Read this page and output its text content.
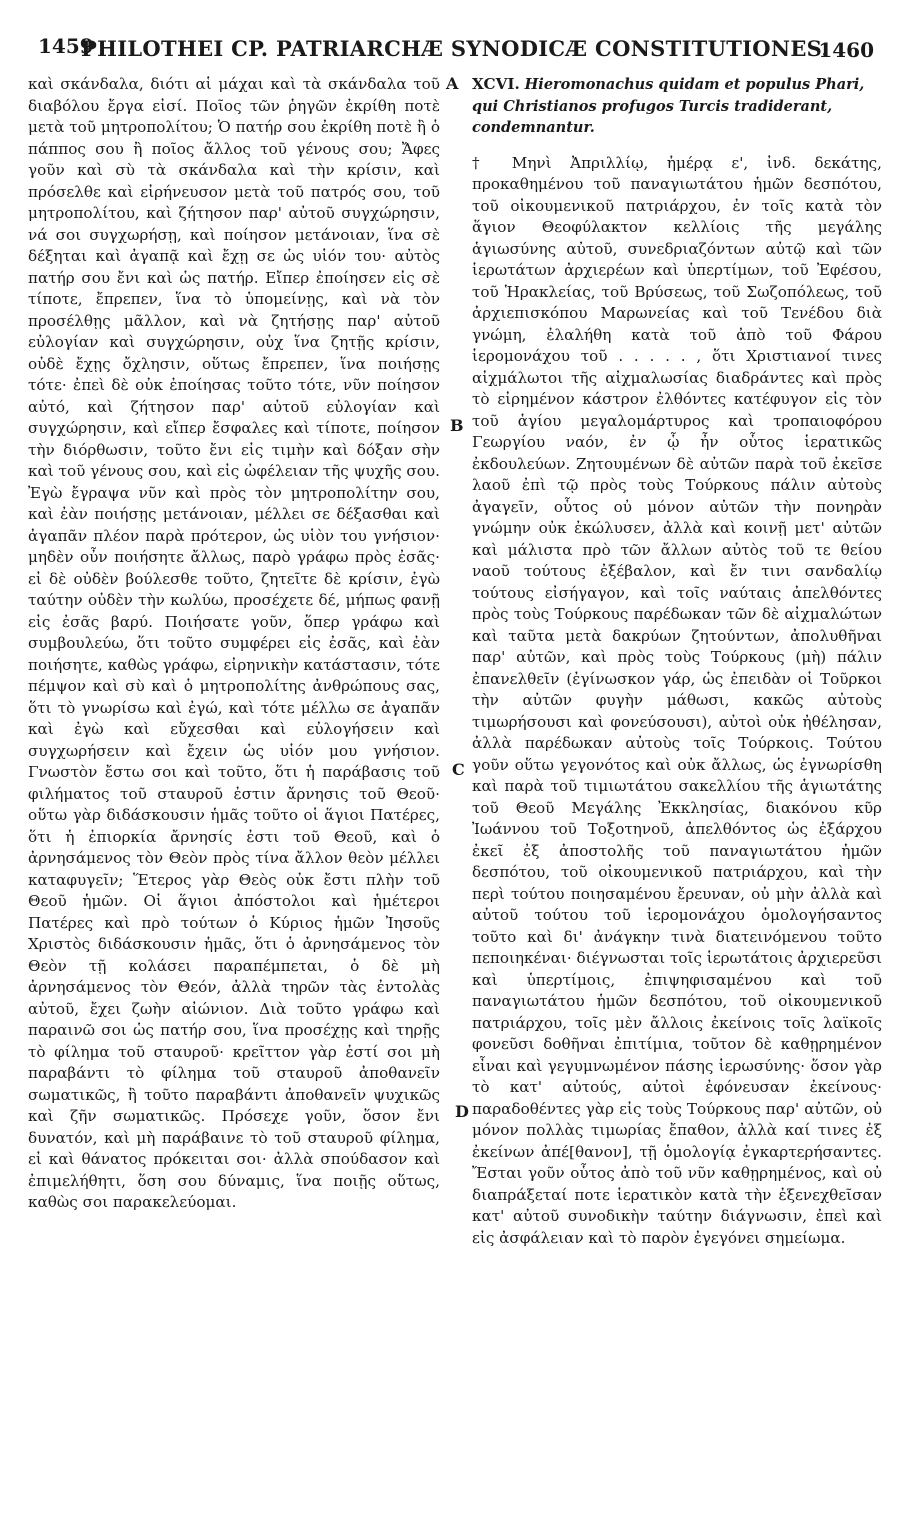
1459
PHILOTHEI CP. PATRIARCHÆ SYNODICÆ CONSTITUTIONES.
1460

καὶ σκάνδαλα, διότι αἱ μάχαι καὶ τὰ σκάνδαλα τοῦ διαβόλου ἔργα εἰσί. Ποῖος τῶν ῥηγῶν ἐκρίθη ποτὲ μετὰ τοῦ μητροπολίτου; Ὁ πατήρ σου ἐκρίθη ποτὲ ἢ ὁ πάππος σου ἢ ποῖος ἄλλος τοῦ γένους σου; Ἄφες γοῦν καὶ σὺ τὰ σκάνδαλα καὶ τὴν κρίσιν, καὶ πρόσελθε καὶ εἰρήνευσον μετὰ τοῦ πατρός σου, τοῦ μητροπολίτου, καὶ ζήτησον παρ' αὐτοῦ συγχώρησιν, νά σοι συγχωρήσῃ, καὶ ποίησον μετάνοιαν, ἵνα σὲ δέξηται καὶ ἀγαπᾷ καὶ ἔχῃ σε ὡς υἱόν του· αὐτὸς πατήρ σου ἔνι καὶ ὡς πατήρ. Εἴπερ ἐποίησεν εἰς σὲ τίποτε, ἔπρεπεν, ἵνα τὸ ὑπομείνῃς, καὶ νὰ τὸν προσέλθῃς μᾶλλον, καὶ νὰ ζητήσῃς παρ' αὐτοῦ εὐλογίαν καὶ συγχώρησιν, οὐχ ἵνα ζητῇς κρίσιν, οὐδὲ ἔχῃς ὄχλησιν, οὕτως ἔπρεπεν, ἵνα ποιήσῃς τότε· ἐπεὶ δὲ οὐκ ἐποίησας τοῦτο τότε, νῦν ποίησον αὐτό, καὶ ζήτησον παρ' αὐτοῦ εὐλογίαν καὶ συγχώρησιν, καὶ εἴπερ ἔσφαλες καὶ τίποτε, ποίησον τὴν διόρθωσιν, τοῦτο ἔνι εἰς τιμὴν καὶ δόξαν σὴν καὶ τοῦ γένους σου, καὶ εἰς ὠφέλειαν τῆς ψυχῆς σου. Ἐγὼ ἔγραψα νῦν καὶ πρὸς τὸν μητροπολίτην σου, καὶ ἐὰν ποιήσῃς μετάνοιαν, μέλλει σε δέξασθαι καὶ ἀγαπᾶν πλέον παρὰ πρότερον, ὡς υἱὸν του γνήσιον· μηδὲν οὖν ποιήσητε ἄλλως, παρὸ γράφω πρὸς ἐσᾶς· εἰ δὲ οὐδὲν βούλεσθε τοῦτο, ζητεῖτε δὲ κρίσιν, ἐγὼ ταύτην οὐδὲν τὴν κωλύω, προσέχετε δέ, μήπως φανῇ εἰς ἐσᾶς βαρύ. Ποιήσατε γοῦν, ὅπερ γράφω καὶ συμβουλεύω, ὅτι τοῦτο συμφέρει εἰς ἐσᾶς, καὶ ἐὰν ποιήσητε, καθὼς γράφω, εἰρηνικὴν κατάστασιν, τότε πέμψον καὶ σὺ καὶ ὁ μητροπολίτης ἀνθρώπους σας, ὅτι τὸ γνωρίσω καὶ ἐγώ, καὶ τότε μέλλω σε ἀγαπᾶν καὶ ἐγὼ καὶ εὔχεσθαι καὶ εὐλογήσειν καὶ συγχωρήσειν καὶ ἔχειν ὡς υἱόν μου γνήσιον. Γνωστὸν ἔστω σοι καὶ τοῦτο, ὅτι ἡ παράβασις τοῦ φιλήματος τοῦ σταυροῦ ἐστιν ἄρνησις τοῦ Θεοῦ· οὕτω γὰρ διδάσκουσιν ἡμᾶς τοῦτο οἱ ἅγιοι Πατέρες, ὅτι ἡ ἐπιορκία ἄρνησίς ἐστι τοῦ Θεοῦ, καὶ ὁ ἀρνησάμενος τὸν Θεὸν πρὸς τίνα ἄλλον θεὸν μέλλει καταφυγεῖν; Ἕτερος γὰρ Θεὸς οὐκ ἔστι πλὴν τοῦ Θεοῦ ἡμῶν. Οἱ ἅγιοι ἀπόστολοι καὶ ἡμέτεροι Πατέρες καὶ πρὸ τούτων ὁ Κύριος ἡμῶν Ἰησοῦς Χριστὸς διδάσκουσιν ἡμᾶς, ὅτι ὁ ἀρνησάμενος τὸν Θεὸν τῇ κολάσει παραπέμπεται, ὁ δὲ μὴ ἀρνησάμενος τὸν Θεόν, ἀλλὰ τηρῶν τὰς ἐντολὰς αὐτοῦ, ἔχει ζωὴν αἰώνιον. Διὰ τοῦτο γράφω καὶ παραινῶ σοι ὡς πατήρ σου, ἵνα προσέχῃς καὶ τηρῇς τὸ φίλημα τοῦ σταυροῦ· κρεῖττον γὰρ ἐστί σοι μὴ παραβάντι τὸ φίλημα τοῦ σταυροῦ ἀποθανεῖν σωματικῶς, ἢ τοῦτο παραβάντι ἀποθανεῖν ψυχικῶς καὶ ζῆν σωματικῶς. Πρόσεχε γοῦν, ὅσον ἔνι δυνατόν, καὶ μὴ παράβαινε τὸ τοῦ σταυροῦ φίλημα, εἰ καὶ θάνατος πρόκειται σοι· ἀλλὰ σπούδασον καὶ ἐπιμελήθητι, ὅση σου δύναμις, ἵνα ποιῇς οὕτως, καθὼς σοι παρακελεύομαι.

A
B
C
D
XCVI. Hieromonachus quidam et populus Phari, qui Christianos profugos Turcis tradiderant, condemnantur.

† Μηνὶ Ἀπριλλίῳ, ἡμέρᾳ ε', ἰνδ. δεκάτης, προκαθημένου τοῦ παναγιωτάτου ἡμῶν δεσπότου, τοῦ οἰκουμενικοῦ πατριάρχου, ἐν τοῖς κατὰ τὸν ἅγιον Θεοφύλακτον κελλίοις τῆς μεγάλης ἁγιωσύνης αὐτοῦ, συνεδριαζόντων αὐτῷ καὶ τῶν ἱερωτάτων ἀρχιερέων καὶ ὑπερτίμων, τοῦ Ἐφέσου, τοῦ Ἡρακλείας, τοῦ Βρύσεως, τοῦ Σωζοπόλεως, τοῦ ἀρχιεπισκόπου Μαρωνείας καὶ τοῦ Τενέδου διὰ γνώμη, ἐλαλήθη κατὰ τοῦ ἀπὸ τοῦ Φάρου ἱερομονάχου τοῦ . . . . . , ὅτι Χριστιανοί τινες αἰχμάλωτοι τῆς αἰχμαλωσίας διαδράντες καὶ πρὸς τὸ εἰρημένον κάστρον ἐλθόντες κατέφυγον εἰς τὸν τοῦ ἁγίου μεγαλομάρτυρος καὶ τροπαιοφόρου Γεωργίου ναόν, ἐν ᾧ ἦν οὗτος ἱερατικῶς ἐκδουλεύων. Ζητουμένων δὲ αὐτῶν παρὰ τοῦ ἐκεῖσε λαοῦ ἐπὶ τῷ πρὸς τοὺς Τούρκους πάλιν αὐτοὺς ἀγαγεῖν, οὗτος οὐ μόνον αὐτῶν τὴν πονηρὰν γνώμην οὐκ ἐκώλυσεν, ἀλλὰ καὶ κοινῇ μετ' αὐτῶν καὶ μάλιστα πρὸ τῶν ἄλλων αὐτὸς τοῦ τε θείου ναοῦ τούτους ἐξέβαλον, καὶ ἔν τινι σανδαλίῳ τούτους εἰσήγαγον, καὶ τοῖς ναύταις ἀπελθόντες πρὸς τοὺς Τούρκους παρέδωκαν τῶν δὲ αἰχμαλώτων καὶ ταῦτα μετὰ δακρύων ζητούντων, ἀπολυθῆναι παρ' αὐτῶν, καὶ πρὸς τοὺς Τούρκους (μὴ) πάλιν ἐπανελθεῖν (ἐγίνωσκον γάρ, ὡς ἐπειδὰν οἱ Τοῦρκοι τὴν αὐτῶν φυγὴν μάθωσι, κακῶς αὐτοὺς τιμωρήσουσι καὶ φονεύσουσι), αὐτοὶ οὐκ ἠθέλησαν, ἀλλὰ παρέδωκαν αὐτοὺς τοῖς Τούρκοις. Τούτου γοῦν οὕτω γεγονότος καὶ οὐκ ἄλλως, ὡς ἐγνωρίσθη καὶ παρὰ τοῦ τιμιωτάτου σακελλίου τῆς ἁγιωτάτης τοῦ Θεοῦ Μεγάλης Ἐκκλησίας, διακόνου κῦρ Ἰωάννου τοῦ Τοξοτηνοῦ, ἀπελθόντος ὡς ἐξάρχου ἐκεῖ ἐξ ἀποστολῆς τοῦ παναγιωτάτου ἡμῶν δεσπότου, τοῦ οἰκουμενικοῦ πατριάρχου, καὶ τὴν περὶ τούτου ποιησαμένου ἔρευναν, οὐ μὴν ἀλλὰ καὶ αὐτοῦ τούτου τοῦ ἱερομονάχου ὁμολογήσαντος τοῦτο καὶ δι' ἀνάγκην τινὰ διατεινόμενου τοῦτο πεποιηκέναι· διέγνωσται τοῖς ἱερωτάτοις ἀρχιερεῦσι καὶ ὑπερτίμοις, ἐπιψηφισαμένου καὶ τοῦ παναγιωτάτου ἡμῶν δεσπότου, τοῦ οἰκουμενικοῦ πατριάρχου, τοῖς μὲν ἄλλοις ἐκείνοις τοῖς λαϊκοῖς φονεῦσι δοθῆναι ἐπιτίμια, τοῦτον δὲ καθῃρημένον εἶναι καὶ γεγυμνωμένον πάσης ἱερωσύνης· ὅσον γὰρ τὸ κατ' αὐτούς, αὐτοὶ ἐφόνευσαν ἐκείνους· παραδοθέντες γὰρ εἰς τοὺς Τούρκους παρ' αὐτῶν, οὐ μόνον πολλὰς τιμωρίας ἔπαθον, ἀλλὰ καί τινες ἐξ ἐκείνων ἀπέ[θανον], τῇ ὁμολογίᾳ ἐγκαρτερήσαντες. Ἔσται γοῦν οὗτος ἀπὸ τοῦ νῦν καθῃρημένος, καὶ οὐ διαπράξεταί ποτε ἱερατικὸν κατὰ τὴν ἐξενεχθεῖσαν κατ' αὐτοῦ συνοδικὴν ταύτην διάγνωσιν, ἐπεὶ καὶ εἰς ἀσφάλειαν καὶ τὸ παρὸν ἐγεγόνει σημείωμα.
